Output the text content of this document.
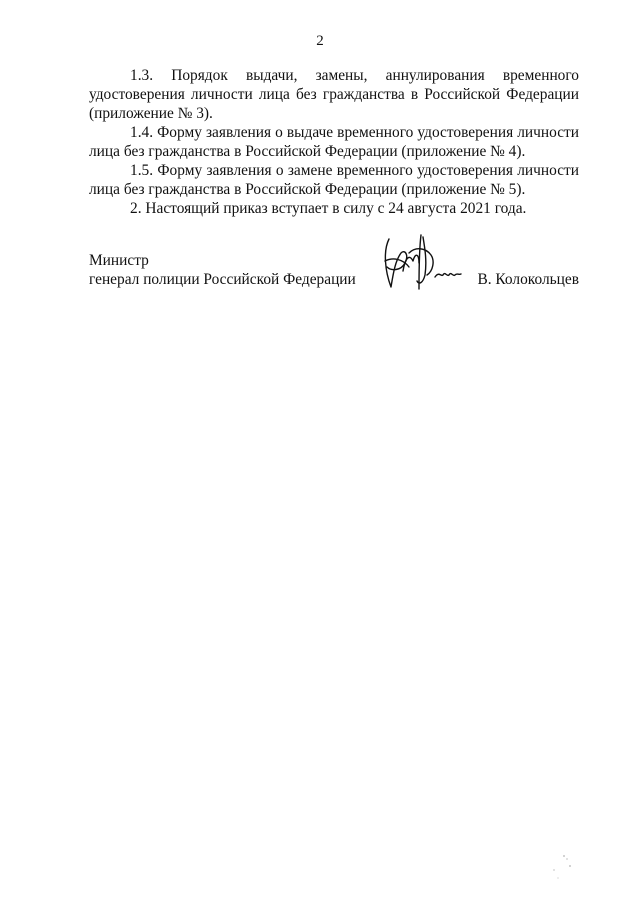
2

1.3. Порядок выдачи, замены, аннулирования временного удостоверения личности лица без гражданства в Российской Федерации (приложение № 3).

1.4. Форму заявления о выдаче временного удостоверения личности лица без гражданства в Российской Федерации (приложение № 4).

1.5. Форму заявления о замене временного удостоверения личности лица без гражданства в Российской Федерации (приложение № 5).

2. Настоящий приказ вступает в силу с 24 августа 2021 года.

Министр
генерал полиции Российской Федерации	В. Колокольцев
